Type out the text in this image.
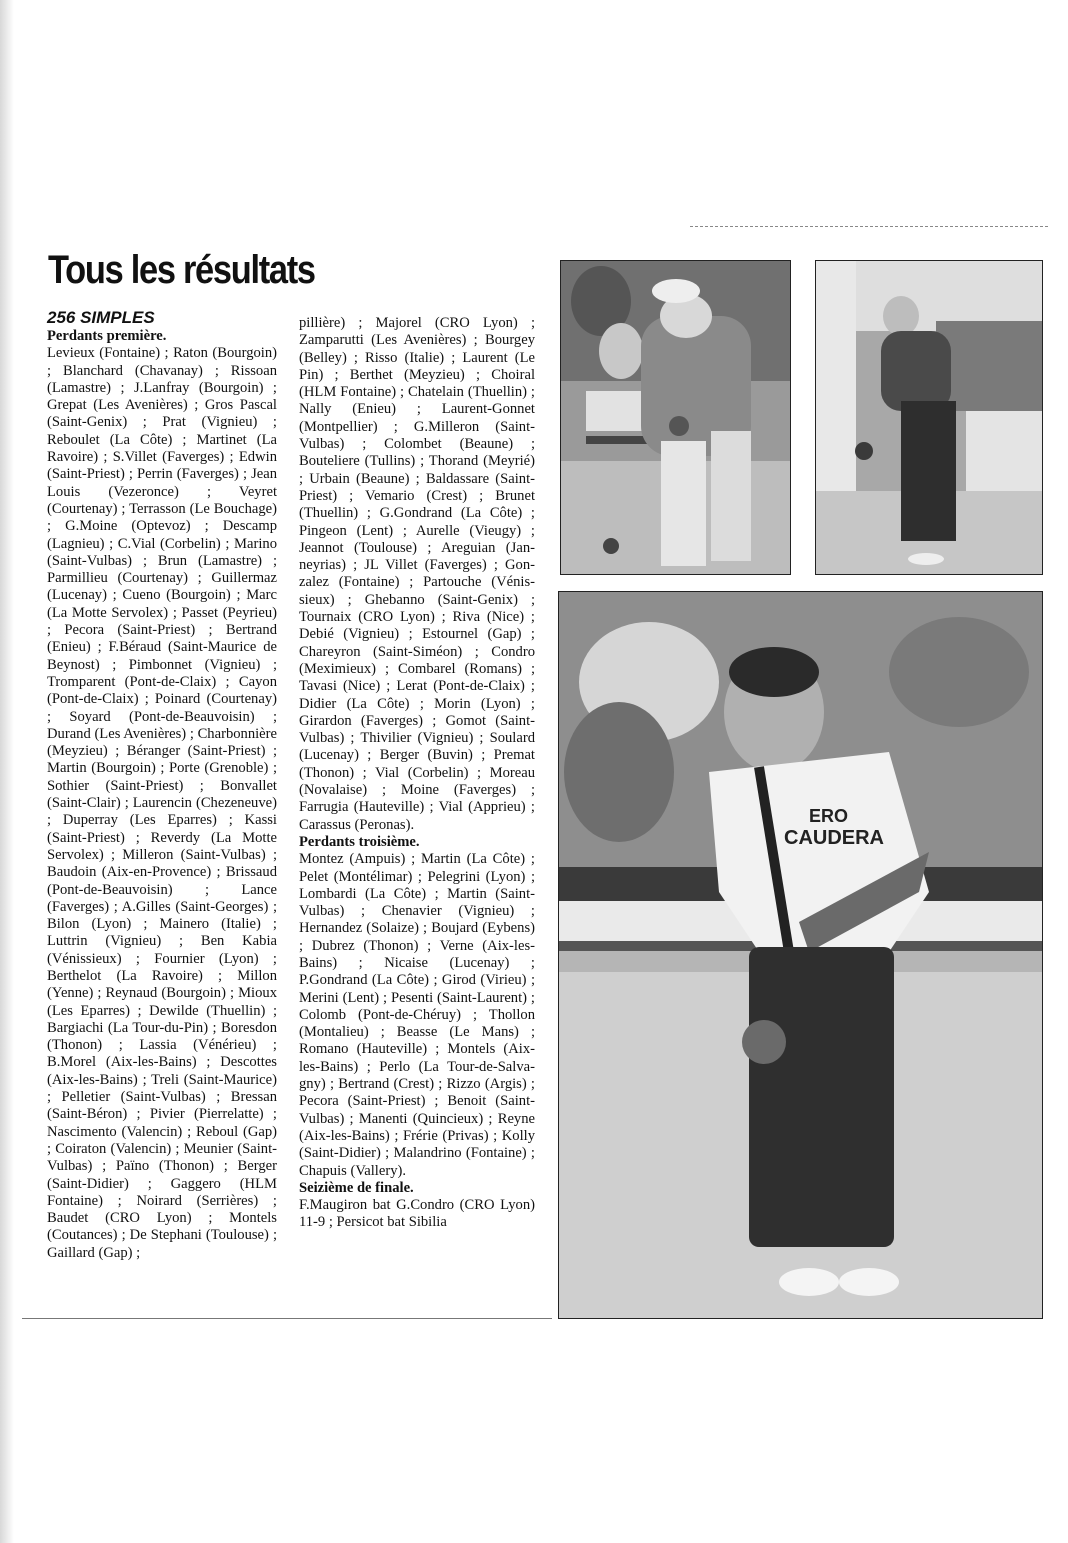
Tous les résultats

256 SIMPLES

Perdants première.

Levieux (Fontaine) ; Raton (Bourgoin) ; Blanchard (Chavanay) ; Rissoan (Lamastre) ; J.Lanfray (Bourgoin) ; Grepat (Les Avenières) ; Gros Pascal (Saint-Genix) ; Prat (Vignieu) ; Reboulet (La Côte) ; Martinet (La Ravoire) ; S.Villet (Faverges) ; Edwin (Saint-Priest) ; Perrin (Faverges) ; Jean Louis (Vezeronce) ; Veyret (Courtenay) ; Terrasson (Le Bouchage) ; G.Moine (Optevoz) ; Descamp (Lagnieu) ; C.Vial (Corbelin) ; Marino (Saint-Vulbas) ; Brun (Lamastre) ; Parmillieu (Courtenay) ; Guillermaz (Lucenay) ; Cueno (Bourgoin) ; Marc (La Motte Servolex) ; Passet (Peyrieu) ; Pecora (Saint-Priest) ; Bertrand (Enieu) ; F.Béraud (Saint-Maurice de Beynost) ; Pimbonnet (Vignieu) ; Tromparent (Pont-de-Claix) ; Cayon (Pont-de-Claix) ; Poinard (Courtenay) ; Soyard (Pont-de-Beauvoisin) ; Durand (Les Avenières) ; Charbonnière (Meyzieu) ; Béranger (Saint-Priest) ; Martin (Bourgoin) ; Porte (Grenoble) ; Sothier (Saint-Priest) ; Bonvallet (Saint-Clair) ; Laurencin (Chezeneuve) ; Duperray (Les Eparres) ; Kassi (Saint-Priest) ; Reverdy (La Motte Servolex) ; Milleron (Saint-Vulbas) ; Baudoin (Aix-en-Provence) ; Brissaud (Pont-de-Beauvoisin) ; Lance (Faverges) ; A.Gilles (Saint-Georges) ; Bilon (Lyon) ; Mainero (Italie) ; Luttrin (Vignieu) ; Ben Kabia (Vénissieux) ; Fournier (Lyon) ; Berthelot (La Ravoire) ; Millon (Yenne) ; Reynaud (Bourgoin) ; Mioux (Les Eparres) ; Dewilde (Thuellin) ; Bargiachi (La Tour-du-Pin) ; Boresdon (Thonon) ; Lassia (Vénérieu) ; B.Morel (Aix-les-Bains) ; Descottes (Aix-les-Bains) ; Treli (Saint-Maurice) ; Pelletier (Saint-Vulbas) ; Bressan (Saint-Béron) ; Pivier (Pierrelatte) ; Nascimento (Valencin) ; Reboul (Gap) ; Coiraton (Valencin) ; Meunier (Saint-Vulbas) ; Païno (Thonon) ; Berger (Saint-Didier) ; Gaggero (HLM Fontaine) ; Noirard (Serrières) ; Baudet (CRO Lyon) ; Montels (Coutances) ; De Stephani (Toulouse) ; Gaillard (Gap) ;

pillière) ; Majorel (CRO Lyon) ; Zamparutti (Les Avenières) ; Bourgey (Belley) ; Risso (Italie) ; Laurent (Le Pin) ; Berthet (Meyzieu) ; Choiral (HLM Fontaine) ; Chatelain (Thuellin) ; Nally (Enieu) ; Laurent-Gonnet (Montpellier) ; G.Milleron (Saint-Vulbas) ; Colombet (Beaune) ; Bouteliere (Tullins) ; Thorand (Meyrié) ; Urbain (Beaune) ; Baldassare (Saint-Priest) ; Vemario (Crest) ; Brunet (Thuellin) ; G.Gondrand (La Côte) ; Pingeon (Lent) ; Aurelle (Vieugy) ; Jeannot (Toulouse) ; Areguian (Janneyrias) ; JL Villet (Faverges) ; Gonzalez (Fontaine) ; Partouche (Vénissieux) ; Ghebanno (Saint-Genix) ; Tournaix (CRO Lyon) ; Riva (Nice) ; Debié (Vignieu) ; Estournel (Gap) ; Chareyron (Saint-Siméon) ; Condro (Meximieux) ; Combarel (Romans) ; Tavasi (Nice) ; Lerat (Pont-de-Claix) ; Didier (La Côte) ; Morin (Lyon) ; Girardon (Faverges) ; Gomot (Saint-Vulbas) ; Thivilier (Vignieu) ; Soulard (Lucenay) ; Berger (Buvin) ; Premat (Thonon) ; Vial (Corbelin) ; Moreau (Novalaise) ; Moine (Faverges) ; Farrugia (Hauteville) ; Vial (Apprieu) ; Carassus (Peronas).

Perdants troisième.

Montez (Ampuis) ; Martin (La Côte) ; Pelet (Montélimar) ; Pelegrini (Lyon) ; Lombardi (La Côte) ; Martin (Saint-Vulbas) ; Chenavier (Vignieu) ; Hernandez (Solaize) ; Boujard (Eybens) ; Dubrez (Thonon) ; Verne (Aix-les-Bains) ; Nicaise (Lucenay) ; P.Gondrand (La Côte) ; Girod (Virieu) ; Merini (Lent) ; Pesenti (Saint-Laurent) ; Colomb (Pont-de-Chéruy) ; Thollon (Montalieu) ; Beasse (Le Mans) ; Romano (Hauteville) ; Montels (Aix-les-Bains) ; Perlo (La Tour-de-Salvagny) ; Bertrand (Crest) ; Rizzo (Argis) ; Pecora (Saint-Priest) ; Benoit (Saint-Vulbas) ; Manenti (Quincieux) ; Reyne (Aix-les-Bains) ; Frérie (Privas) ; Kolly (Saint-Didier) ; Malandrino (Fontaine) ; Chapuis (Vallery).

Seizième de finale.

F.Maugiron bat G.Condro (CRO Lyon) 11-9 ; Persicot bat Sibilia

ERO
CAUDERA
